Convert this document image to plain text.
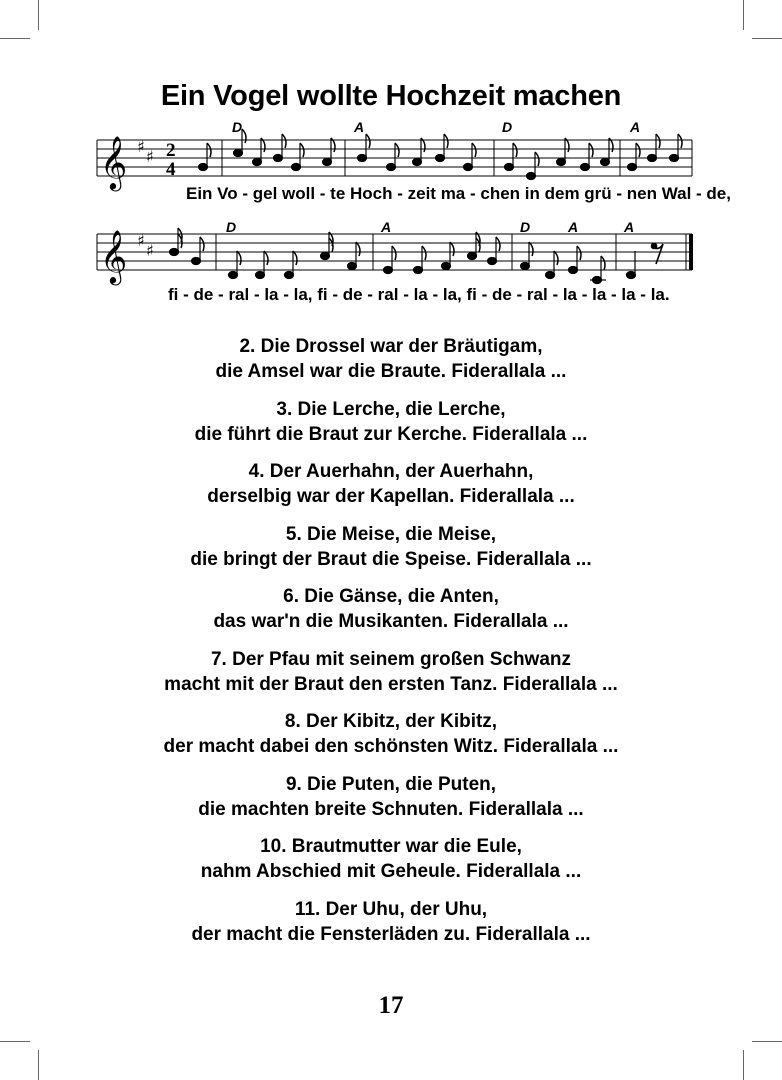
Ein Vogel wollte Hochzeit machen
𝄞 ♯
♯ 2
4
D	A	D	A
𝄞 ♯
♯
D	A	D	A	A
Ein Vo - gel woll - te Hoch - zeit ma - chen in dem grü - nen Wal - de,
fi - de - ral - la - la, fi - de - ral - la - la, fi - de - ral - la - la - la - la.
2. Die Drossel war der Bräutigam,
die Amsel war die Braute. Fiderallala ...
3. Die Lerche, die Lerche,
die führt die Braut zur Kerche. Fiderallala ...
4. Der Auerhahn, der Auerhahn,
derselbig war der Kapellan. Fiderallala ...
5. Die Meise, die Meise,
die bringt der Braut die Speise. Fiderallala ...
6. Die Gänse, die Anten,
das war'n die Musikanten. Fiderallala ...
7. Der Pfau mit seinem großen Schwanz
macht mit der Braut den ersten Tanz. Fiderallala ...
8. Der Kibitz, der Kibitz,
der macht dabei den schönsten Witz. Fiderallala ...
9. Die Puten, die Puten,
die machten breite Schnuten. Fiderallala ...
10. Brautmutter war die Eule,
nahm Abschied mit Geheule. Fiderallala ...
11. Der Uhu, der Uhu,
der macht die Fensterläden zu. Fiderallala ...
17
